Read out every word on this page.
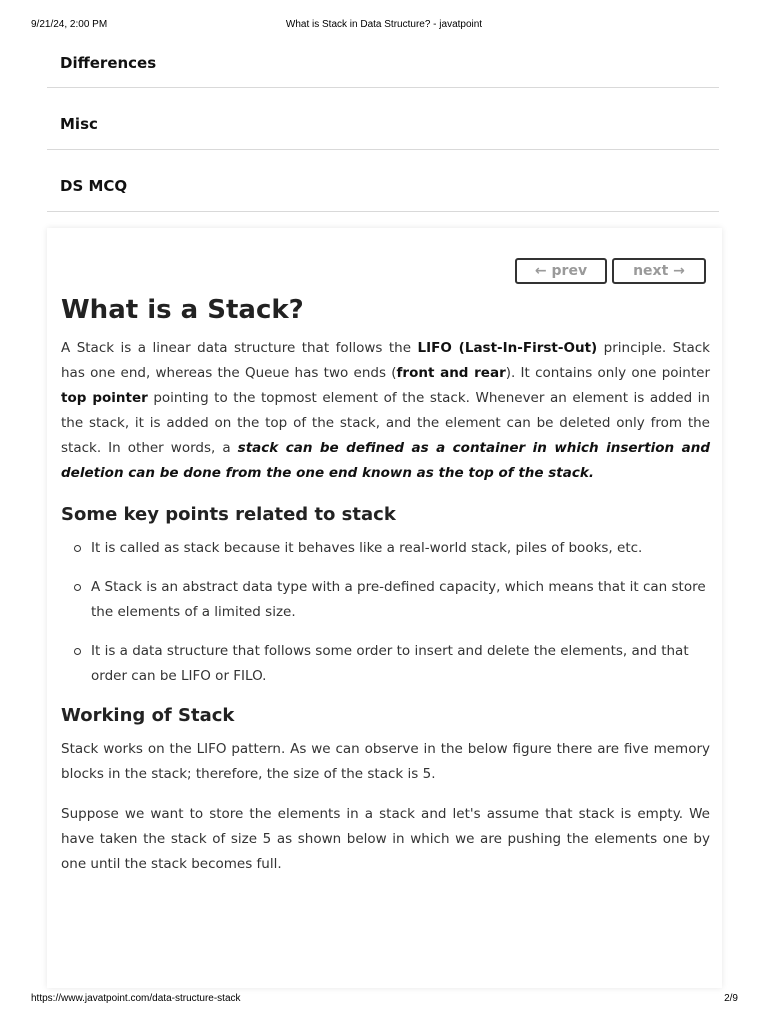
9/21/24, 2:00 PM	What is Stack in Data Structure? - javatpoint
Differences
Misc
DS MCQ
← prev	next →
What is a Stack?

A Stack is a linear data structure that follows the LIFO (Last-In-First-Out) principle. Stack has one end, whereas the Queue has two ends (front and rear). It contains only one pointer top pointer pointing to the topmost element of the stack. Whenever an element is added in the stack, it is added on the top of the stack, and the element can be deleted only from the stack. In other words, a stack can be defined as a container in which insertion and deletion can be done from the one end known as the top of the stack.

Some key points related to stack
It is called as stack because it behaves like a real-world stack, piles of books, etc.
A Stack is an abstract data type with a pre-defined capacity, which means that it can store the elements of a limited size.
It is a data structure that follows some order to insert and delete the elements, and that order can be LIFO or FILO.
Working of Stack

Stack works on the LIFO pattern. As we can observe in the below figure there are five memory blocks in the stack; therefore, the size of the stack is 5.

Suppose we want to store the elements in a stack and let's assume that stack is empty. We have taken the stack of size 5 as shown below in which we are pushing the elements one by one until the stack becomes full.

https://www.javatpoint.com/data-structure-stack	2/9
